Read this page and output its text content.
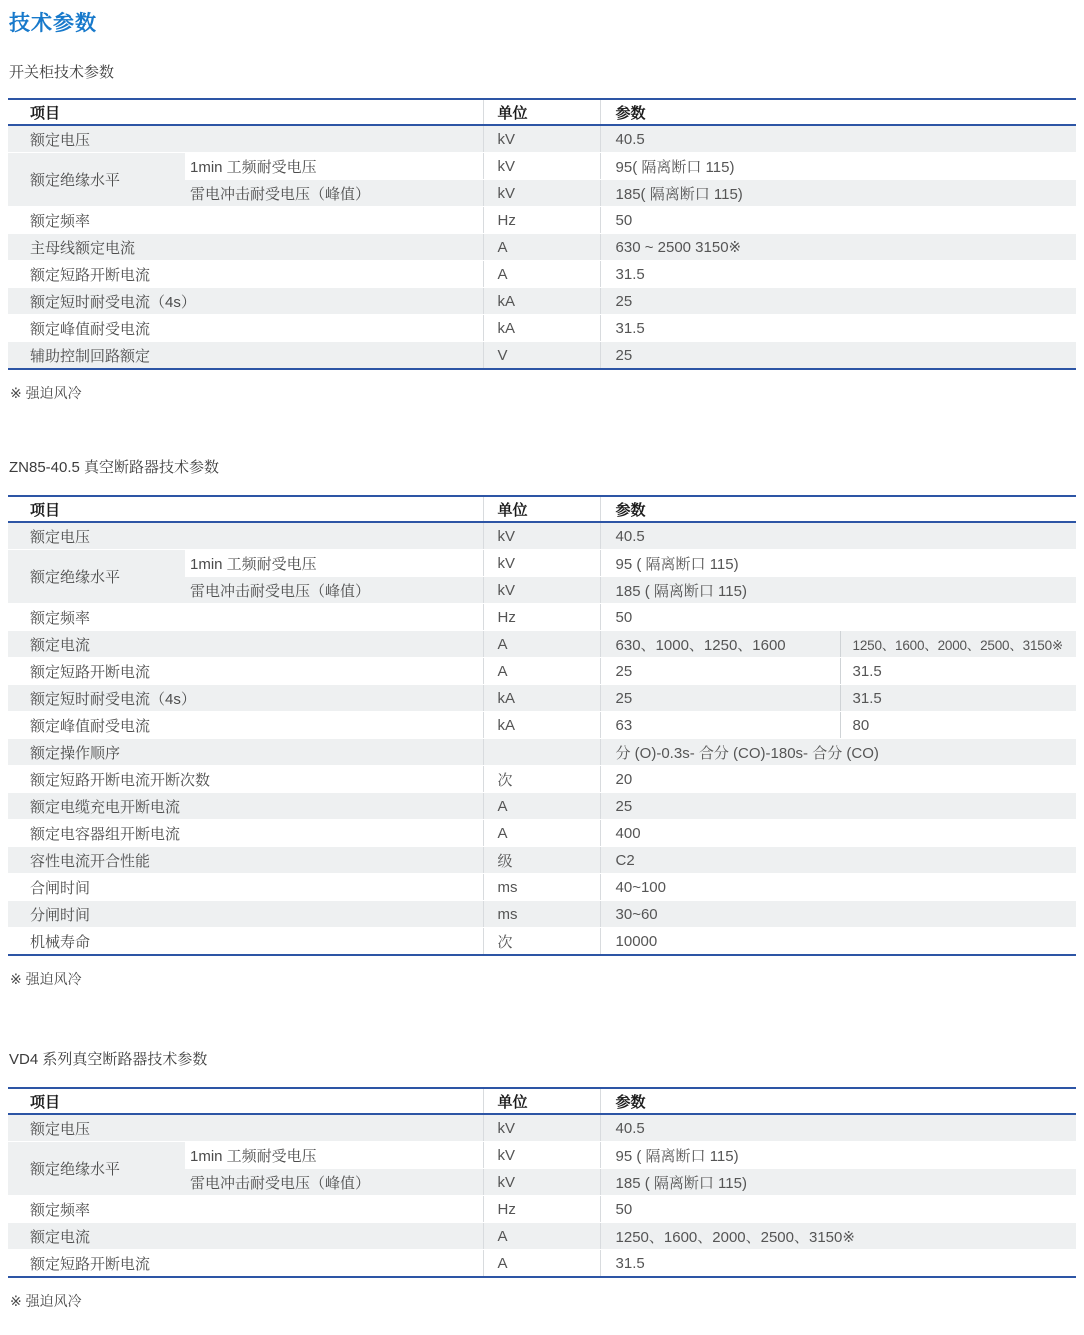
技术参数
开关柜技术参数
项目		单位	参数
额定电压		kV	40.5
额定绝缘水平	1min 工频耐受电压	kV	95( 隔离断口 115)
	雷电冲击耐受电压（峰值）	kV	185( 隔离断口 115)
额定频率		Hz	50
主母线额定电流		A	630 ~ 2500 3150※
额定短路开断电流		A	31.5
额定短时耐受电流（4s）		kA	25
额定峰值耐受电流		kA	31.5
辅助控制回路额定		V	25
※ 强迫风冷
ZN85-40.5 真空断路器技术参数
项目		单位	参数	
额定电压		kV	40.5	
额定绝缘水平	1min 工频耐受电压	kV	95 ( 隔离断口 115)	
	雷电冲击耐受电压（峰值）	kV	185 ( 隔离断口 115)	
额定频率		Hz	50	
额定电流		A	630、1000、1250、1600	1250、1600、2000、2500、3150※
额定短路开断电流		A	25	31.5
额定短时耐受电流（4s）		kA	25	31.5
额定峰值耐受电流		kA	63	80
额定操作顺序			分 (O)-0.3s- 合分 (CO)-180s- 合分 (CO)	
额定短路开断电流开断次数		次	20	
额定电缆充电开断电流		A	25	
额定电容器组开断电流		A	400	
容性电流开合性能		级	C2	
合闸时间		ms	40~100	
分闸时间		ms	30~60	
机械寿命		次	10000	
※ 强迫风冷
VD4 系列真空断路器技术参数
项目		单位	参数
额定电压		kV	40.5
额定绝缘水平	1min 工频耐受电压	kV	95 ( 隔离断口 115)
	雷电冲击耐受电压（峰值）	kV	185 ( 隔离断口 115)
额定频率		Hz	50
额定电流		A	1250、1600、2000、2500、3150※
额定短路开断电流		A	31.5
※ 强迫风冷
